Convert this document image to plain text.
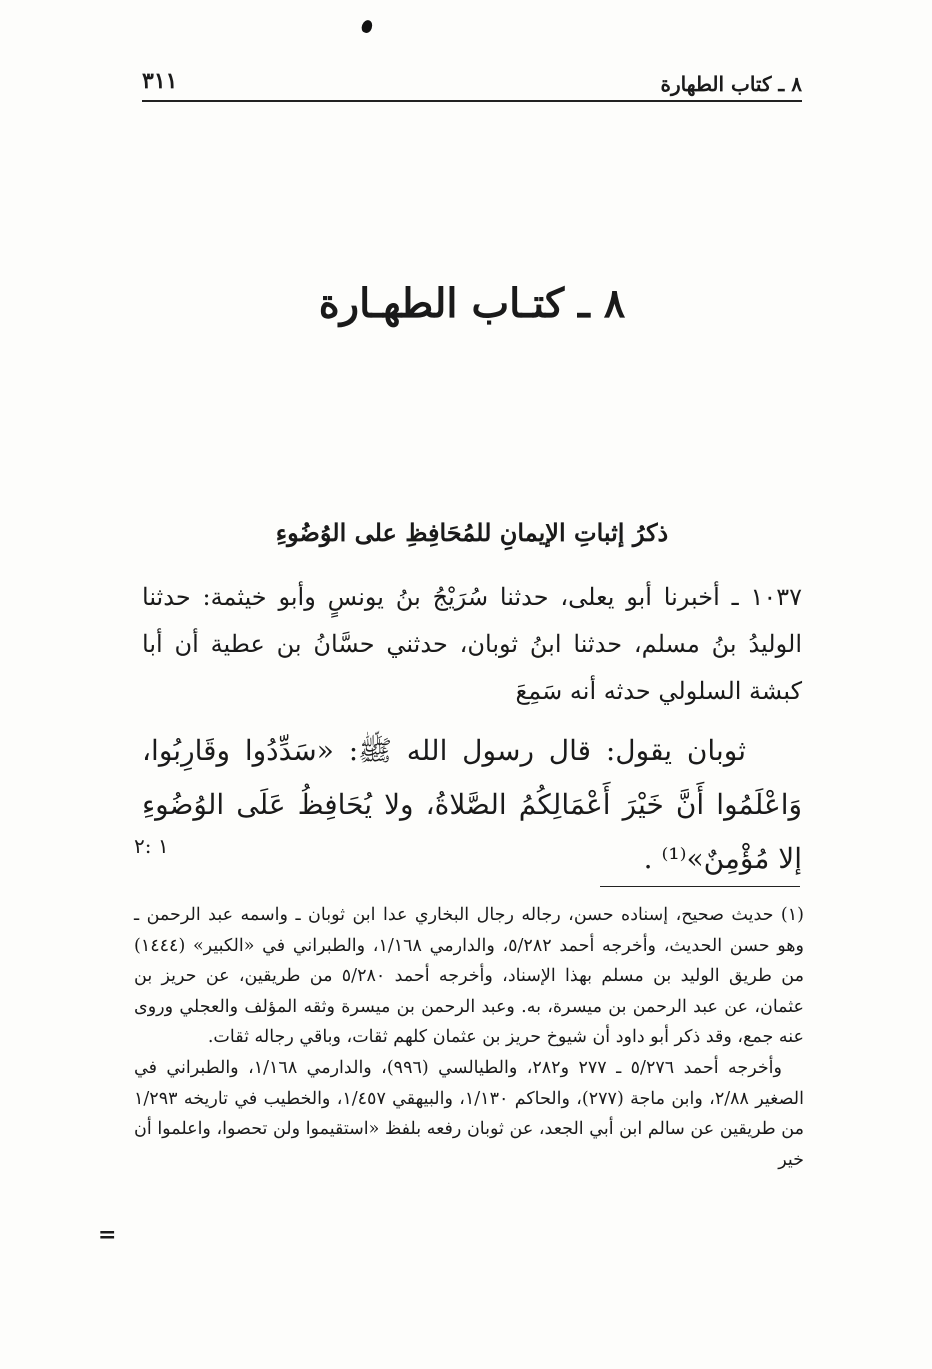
٨ ـ كتاب الطهارة
٣١١
٨ ـ كتـاب الطهـارة
ذكرُ إثباتِ الإيمانِ للمُحَافِظِ على الوُضُوءِ

١٠٣٧ ـ أخبرنا أبو يعلى، حدثنا سُرَيْجُ بنُ يونسٍ وأبو خيثمة: حدثنا الوليدُ بنُ مسلم، حدثنا ابنُ ثوبان، حدثني حسَّانُ بن عطية أن أبا كبشة السلولي حدثه أنه سَمِعَ

ثوبان يقول: قال رسول الله ﷺ: «سَدِّدُوا وقَارِبُوا، وَاعْلَمُوا أَنَّ خَيْرَ أَعْمَالِكُمُ الصَّلاةُ، ولا يُحَافِظُ عَلَى الوُضُوءِ إلا مُؤْمِنٌ»⁽¹⁾ .

١ :٢

(١) حديث صحيح، إسناده حسن، رجاله رجال البخاري عدا ابن ثوبان ـ واسمه عبد الرحمن ـ وهو حسن الحديث، وأخرجه أحمد ٥/٢٨٢، والدارمي ١/١٦٨، والطبراني في «الكبير» (١٤٤٤) من طريق الوليد بن مسلم بهذا الإسناد، وأخرجه أحمد ٥/٢٨٠ من طريقين، عن حريز بن عثمان، عن عبد الرحمن بن ميسرة، به. وعبد الرحمن بن ميسرة وثقه المؤلف والعجلي وروى عنه جمع، وقد ذكر أبو داود أن شيوخ حريز بن عثمان كلهم ثقات، وباقي رجاله ثقات.

وأخرجه أحمد ٥/٢٧٦ ـ ٢٧٧ و٢٨٢، والطيالسي (٩٩٦)، والدارمي ١/١٦٨، والطبراني في الصغير ٢/٨٨، وابن ماجة (٢٧٧)، والحاكم ١/١٣٠، والبيهقي ١/٤٥٧، والخطيب في تاريخه ١/٢٩٣ من طريقين عن سالم ابن أبي الجعد، عن ثوبان رفعه بلفظ «استقيموا ولن تحصوا، واعلموا أن خير

=
